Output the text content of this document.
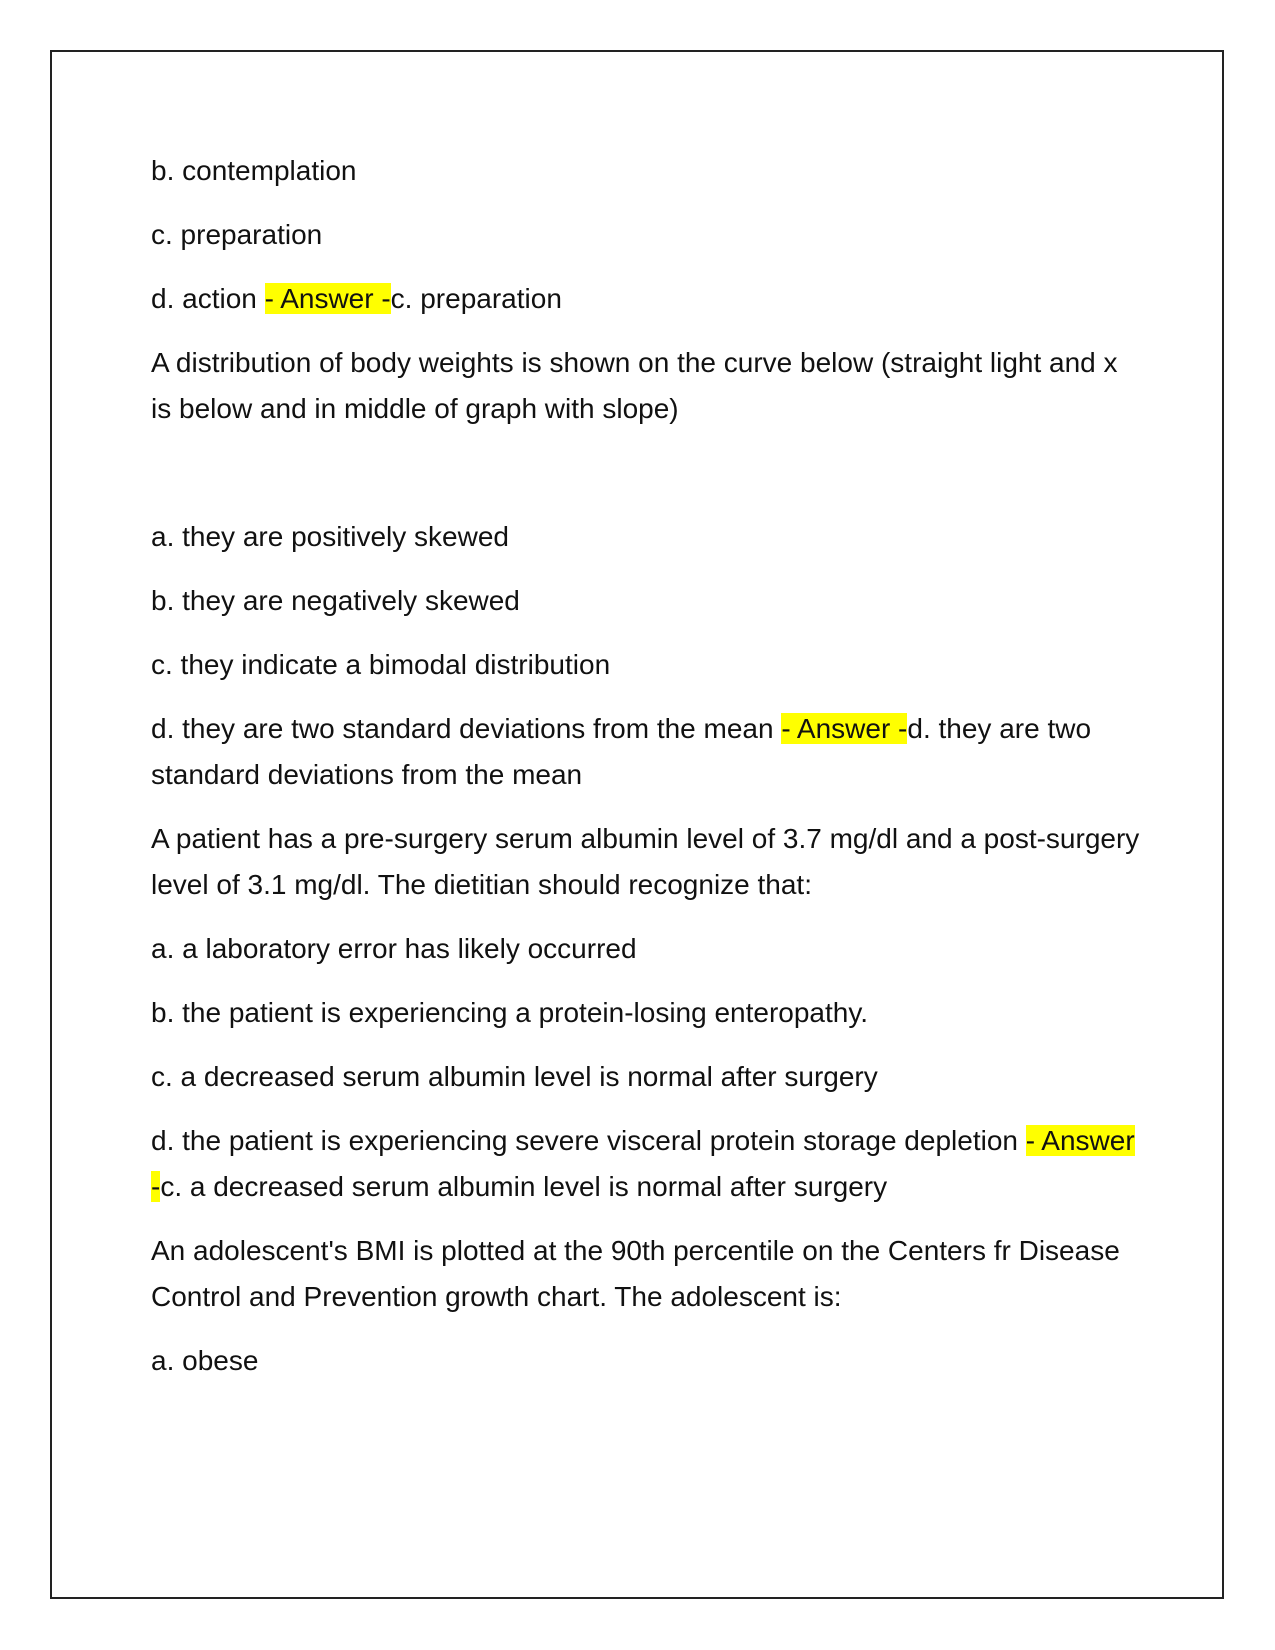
b. contemplation

c. preparation

d. action - Answer -c. preparation

A distribution of body weights is shown on the curve below (straight light and x is below and in middle of graph with slope)

a. they are positively skewed

b. they are negatively skewed

c. they indicate a bimodal distribution

d. they are two standard deviations from the mean - Answer -d. they are two standard deviations from the mean

A patient has a pre-surgery serum albumin level of 3.7 mg/dl and a post-surgery level of 3.1 mg/dl. The dietitian should recognize that:

a. a laboratory error has likely occurred

b. the patient is experiencing a protein-losing enteropathy.

c. a decreased serum albumin level is normal after surgery

d. the patient is experiencing severe visceral protein storage depletion - Answer -c. a decreased serum albumin level is normal after surgery

An adolescent's BMI is plotted at the 90th percentile on the Centers fr Disease Control and Prevention growth chart. The adolescent is:

a. obese
